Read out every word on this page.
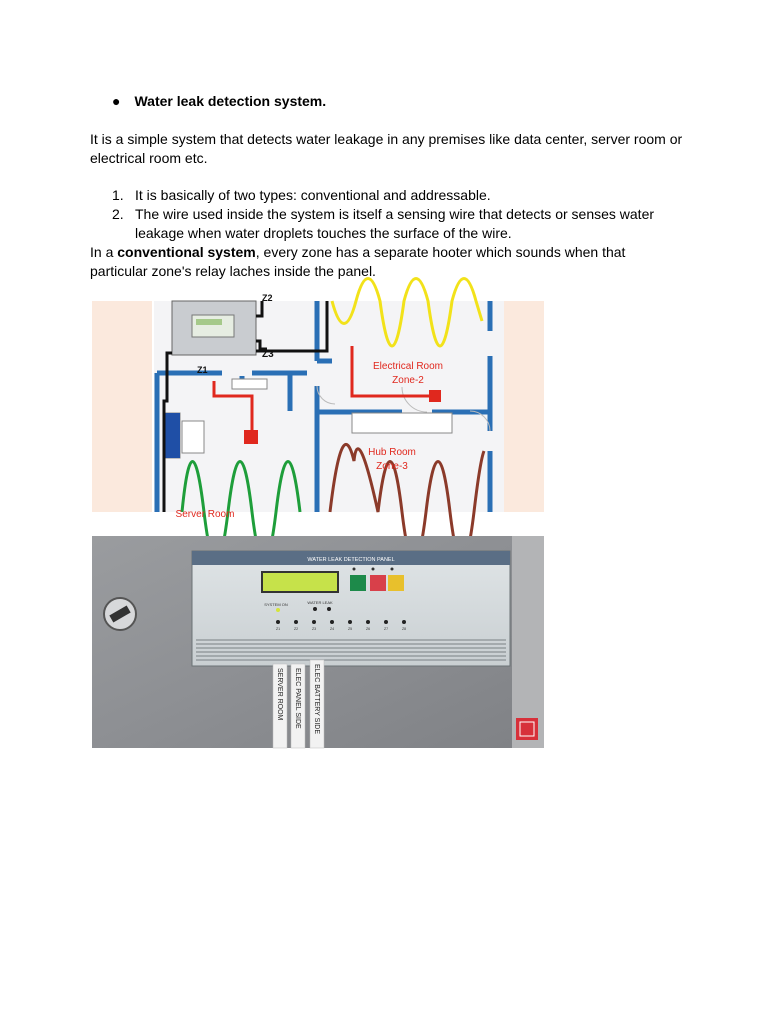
● Water leak detection system.
It is a simple system that detects water leakage in any premises like data center, server room or electrical room etc.
1. It is basically of two types: conventional and addressable.
2. The wire used inside the system is itself a sensing wire that detects or senses water leakage when water droplets touches the surface of the wire.
In a conventional system, every zone has a separate hooter which sounds when that particular zone's relay laches inside the panel.
Z2
Z3
Z1	Electrical Room
Zone-2
Hub Room
Zone-3
Server Room
WATER LEAK DETECTION PANEL
SYSTEM ON	WATER LEAK
Z1	Z2	Z3	Z4	Z5	Z6	Z7	Z8
SERVER ROOM ELEC PANEL SIDE ELEC BATTERY SIDE
